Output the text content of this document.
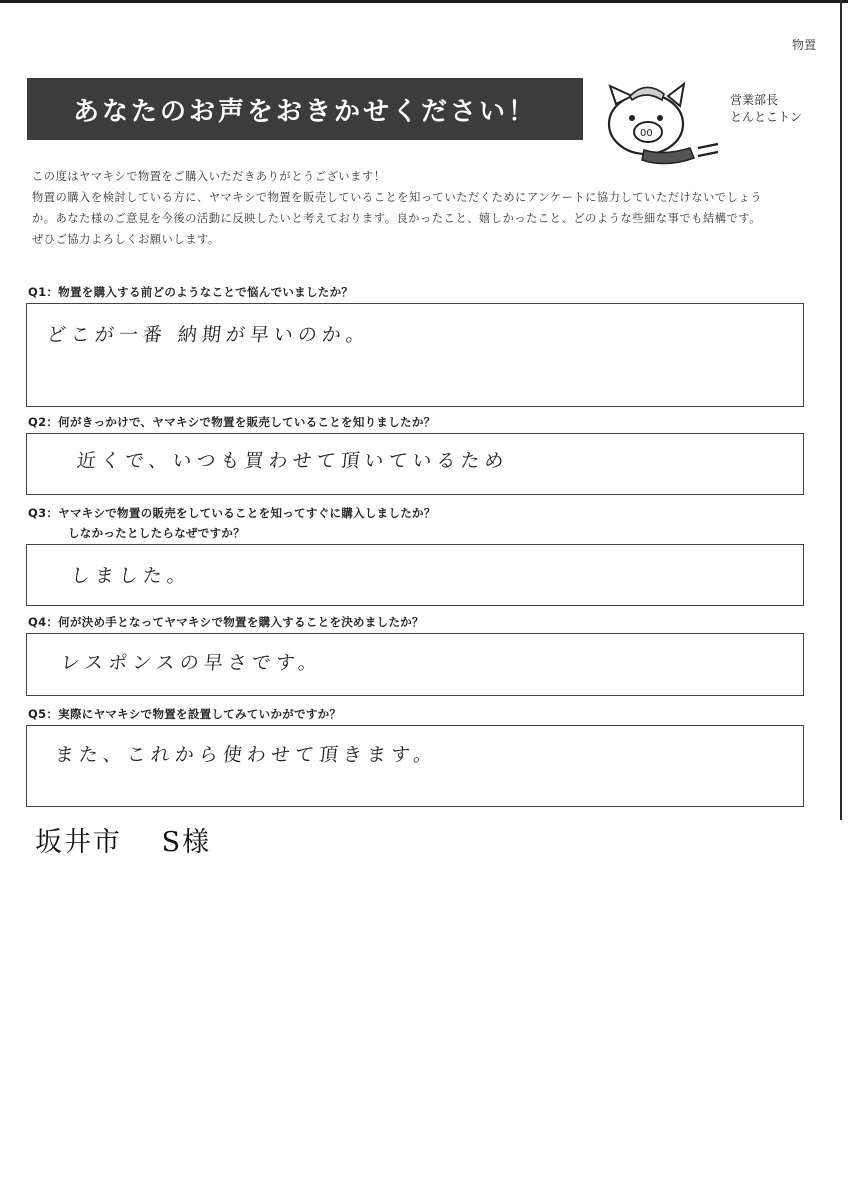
物置
あなたのお声をおきかせください！
00
営業部長
とんとこトン
この度はヤマキシで物置をご購入いただきありがとうございます！
物置の購入を検討している方に、ヤマキシで物置を販売していることを知っていただくためにアンケートに協力していただけないでしょう
か。あなた様のご意見を今後の活動に反映したいと考えております。良かったこと、嬉しかったこと、どのような些細な事でも結構です。
ぜひご協力よろしくお願いします。
Q1：物置を購入する前どのようなことで悩んでいましたか？
どこが一番 納期が早いのか。
Q2：何がきっかけで、ヤマキシで物置を販売していることを知りましたか？
近くで、いつも買わせて頂いているため
Q3：ヤマキシで物置の販売をしていることを知ってすぐに購入しましたか？
しなかったとしたらなぜですか？
しました。
Q4：何が決め手となってヤマキシで物置を購入することを決めましたか？
レスポンスの早さです。
Q5：実際にヤマキシで物置を設置してみていかがですか？
また、これから使わせて頂きます。
坂井市　 S様
